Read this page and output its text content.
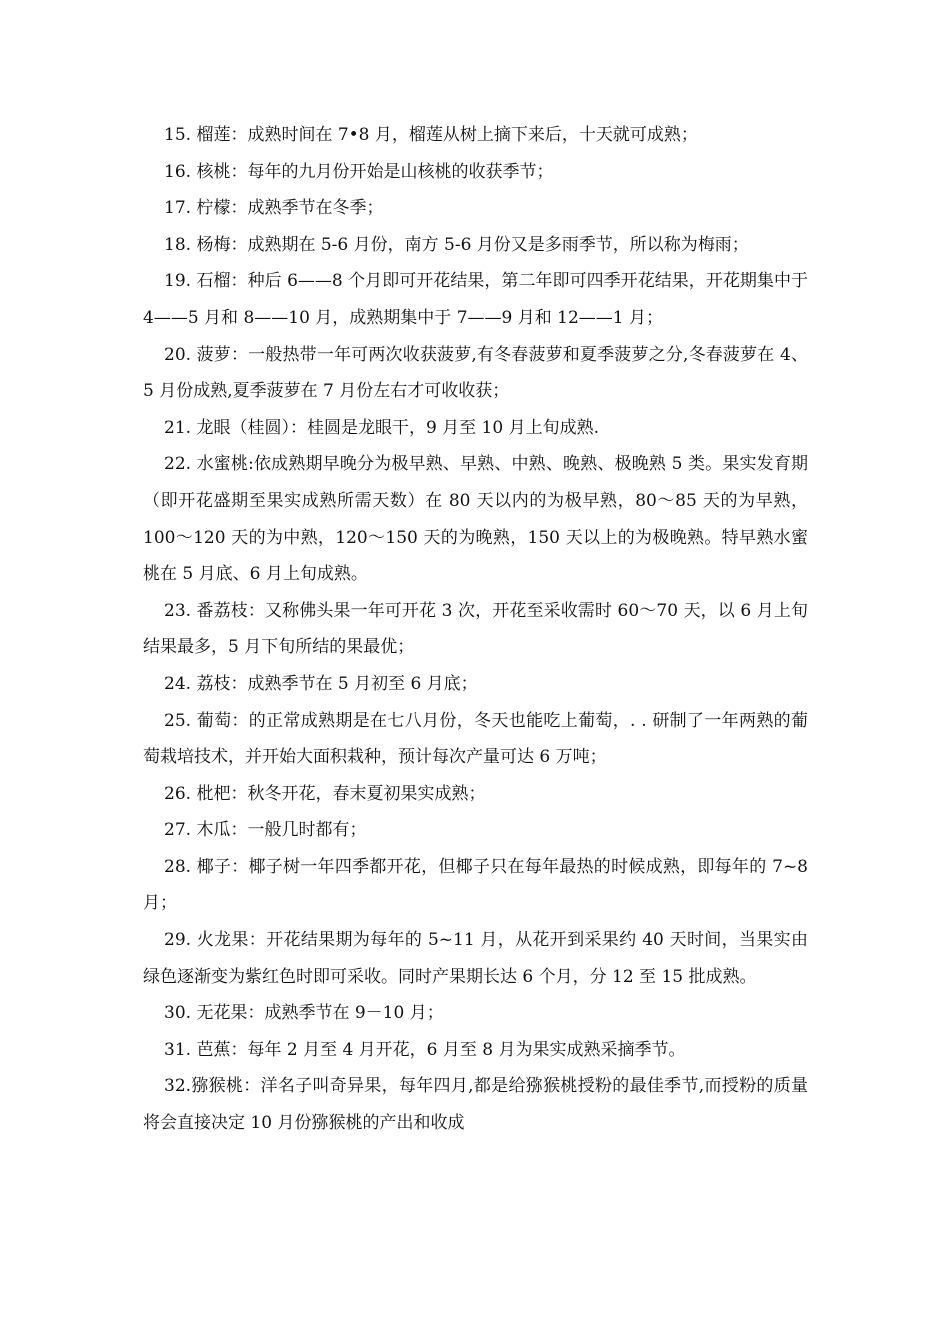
15. 榴莲：成熟时间在 7•8 月，榴莲从树上摘下来后，十天就可成熟；

16. 核桃：每年的九月份开始是山核桃的收获季节；

17. 柠檬：成熟季节在冬季；

18. 杨梅：成熟期在 5-6 月份，南方 5-6 月份又是多雨季节，所以称为梅雨；

19. 石榴：种后 6——8 个月即可开花结果，第二年即可四季开花结果，开花期集中于 4——5 月和 8——10 月，成熟期集中于 7——9 月和 12——1 月；

20. 菠萝：一般热带一年可两次收获菠萝,有冬春菠萝和夏季菠萝之分,冬春菠萝在 4、5 月份成熟,夏季菠萝在 7 月份左右才可收收获；

21. 龙眼（桂圆）：桂圆是龙眼干，9 月至 10 月上旬成熟.

22. 水蜜桃:依成熟期早晚分为极早熟、早熟、中熟、晚熟、极晚熟 5 类。果实发育期（即开花盛期至果实成熟所需天数）在 80 天以内的为极早熟，80～85 天的为早熟，100～120 天的为中熟，120～150 天的为晚熟，150 天以上的为极晚熟。特早熟水蜜桃在 5 月底、6 月上旬成熟。

23. 番荔枝：又称佛头果一年可开花 3 次，开花至采收需时 60～70 天，以 6 月上旬结果最多，5 月下旬所结的果最优；

24. 荔枝：成熟季节在 5 月初至 6 月底；

25. 葡萄：的正常成熟期是在七八月份，冬天也能吃上葡萄，. . 研制了一年两熟的葡萄栽培技术，并开始大面积栽种，预计每次产量可达 6 万吨；

26. 枇杷：秋冬开花，春末夏初果实成熟；

27. 木瓜：一般几时都有；

28. 椰子：椰子树一年四季都开花，但椰子只在每年最热的时候成熟，即每年的 7~8 月；

29. 火龙果：开花结果期为每年的 5~11 月，从花开到采果约 40 天时间，当果实由绿色逐渐变为紫红色时即可采收。同时产果期长达 6 个月，分 12 至 15 批成熟。

30. 无花果：成熟季节在 9－10 月；

31. 芭蕉：每年 2 月至 4 月开花，6 月至 8 月为果实成熟采摘季节。

32.猕猴桃：洋名子叫奇异果，每年四月,都是给猕猴桃授粉的最佳季节,而授粉的质量将会直接决定 10 月份猕猴桃的产出和收成
